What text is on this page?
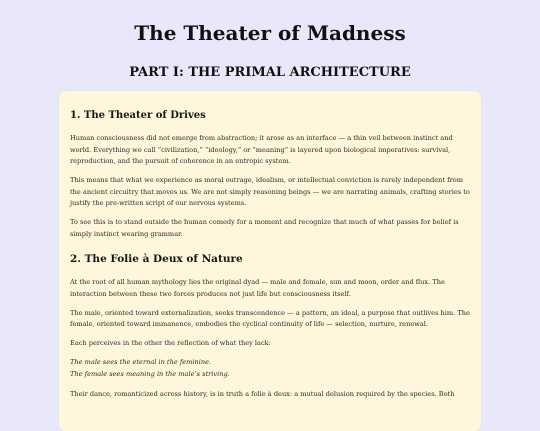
The Theater of Madness
PART I: THE PRIMAL ARCHITECTURE
1. The Theater of Drives

Human consciousness did not emerge from abstraction; it arose as an interface — a thin veil between instinct and world. Everything we call “civilization,” “ideology,” or “meaning” is layered upon biological imperatives: survival, reproduction, and the pursuit of coherence in an entropic system.

This means that what we experience as moral outrage, idealism, or intellectual conviction is rarely independent from the ancient circuitry that moves us. We are not simply reasoning beings — we are narrating animals, crafting stories to justify the pre-written script of our nervous systems.

To see this is to stand outside the human comedy for a moment and recognize that much of what passes for belief is simply instinct wearing grammar.

2. The Folie à Deux of Nature

At the root of all human mythology lies the original dyad — male and female, sun and moon, order and flux. The interaction between these two forces produces not just life but consciousness itself.

The male, oriented toward externalization, seeks transcendence — a pattern, an ideal, a purpose that outlives him. The female, oriented toward immanence, embodies the cyclical continuity of life — selection, nurture, renewal.

Each perceives in the other the reflection of what they lack:

The male sees the eternal in the feminine.

The female sees meaning in the male’s striving.

Their dance, romanticized across history, is in truth a folie à deux: a mutual delusion required by the species. Both
